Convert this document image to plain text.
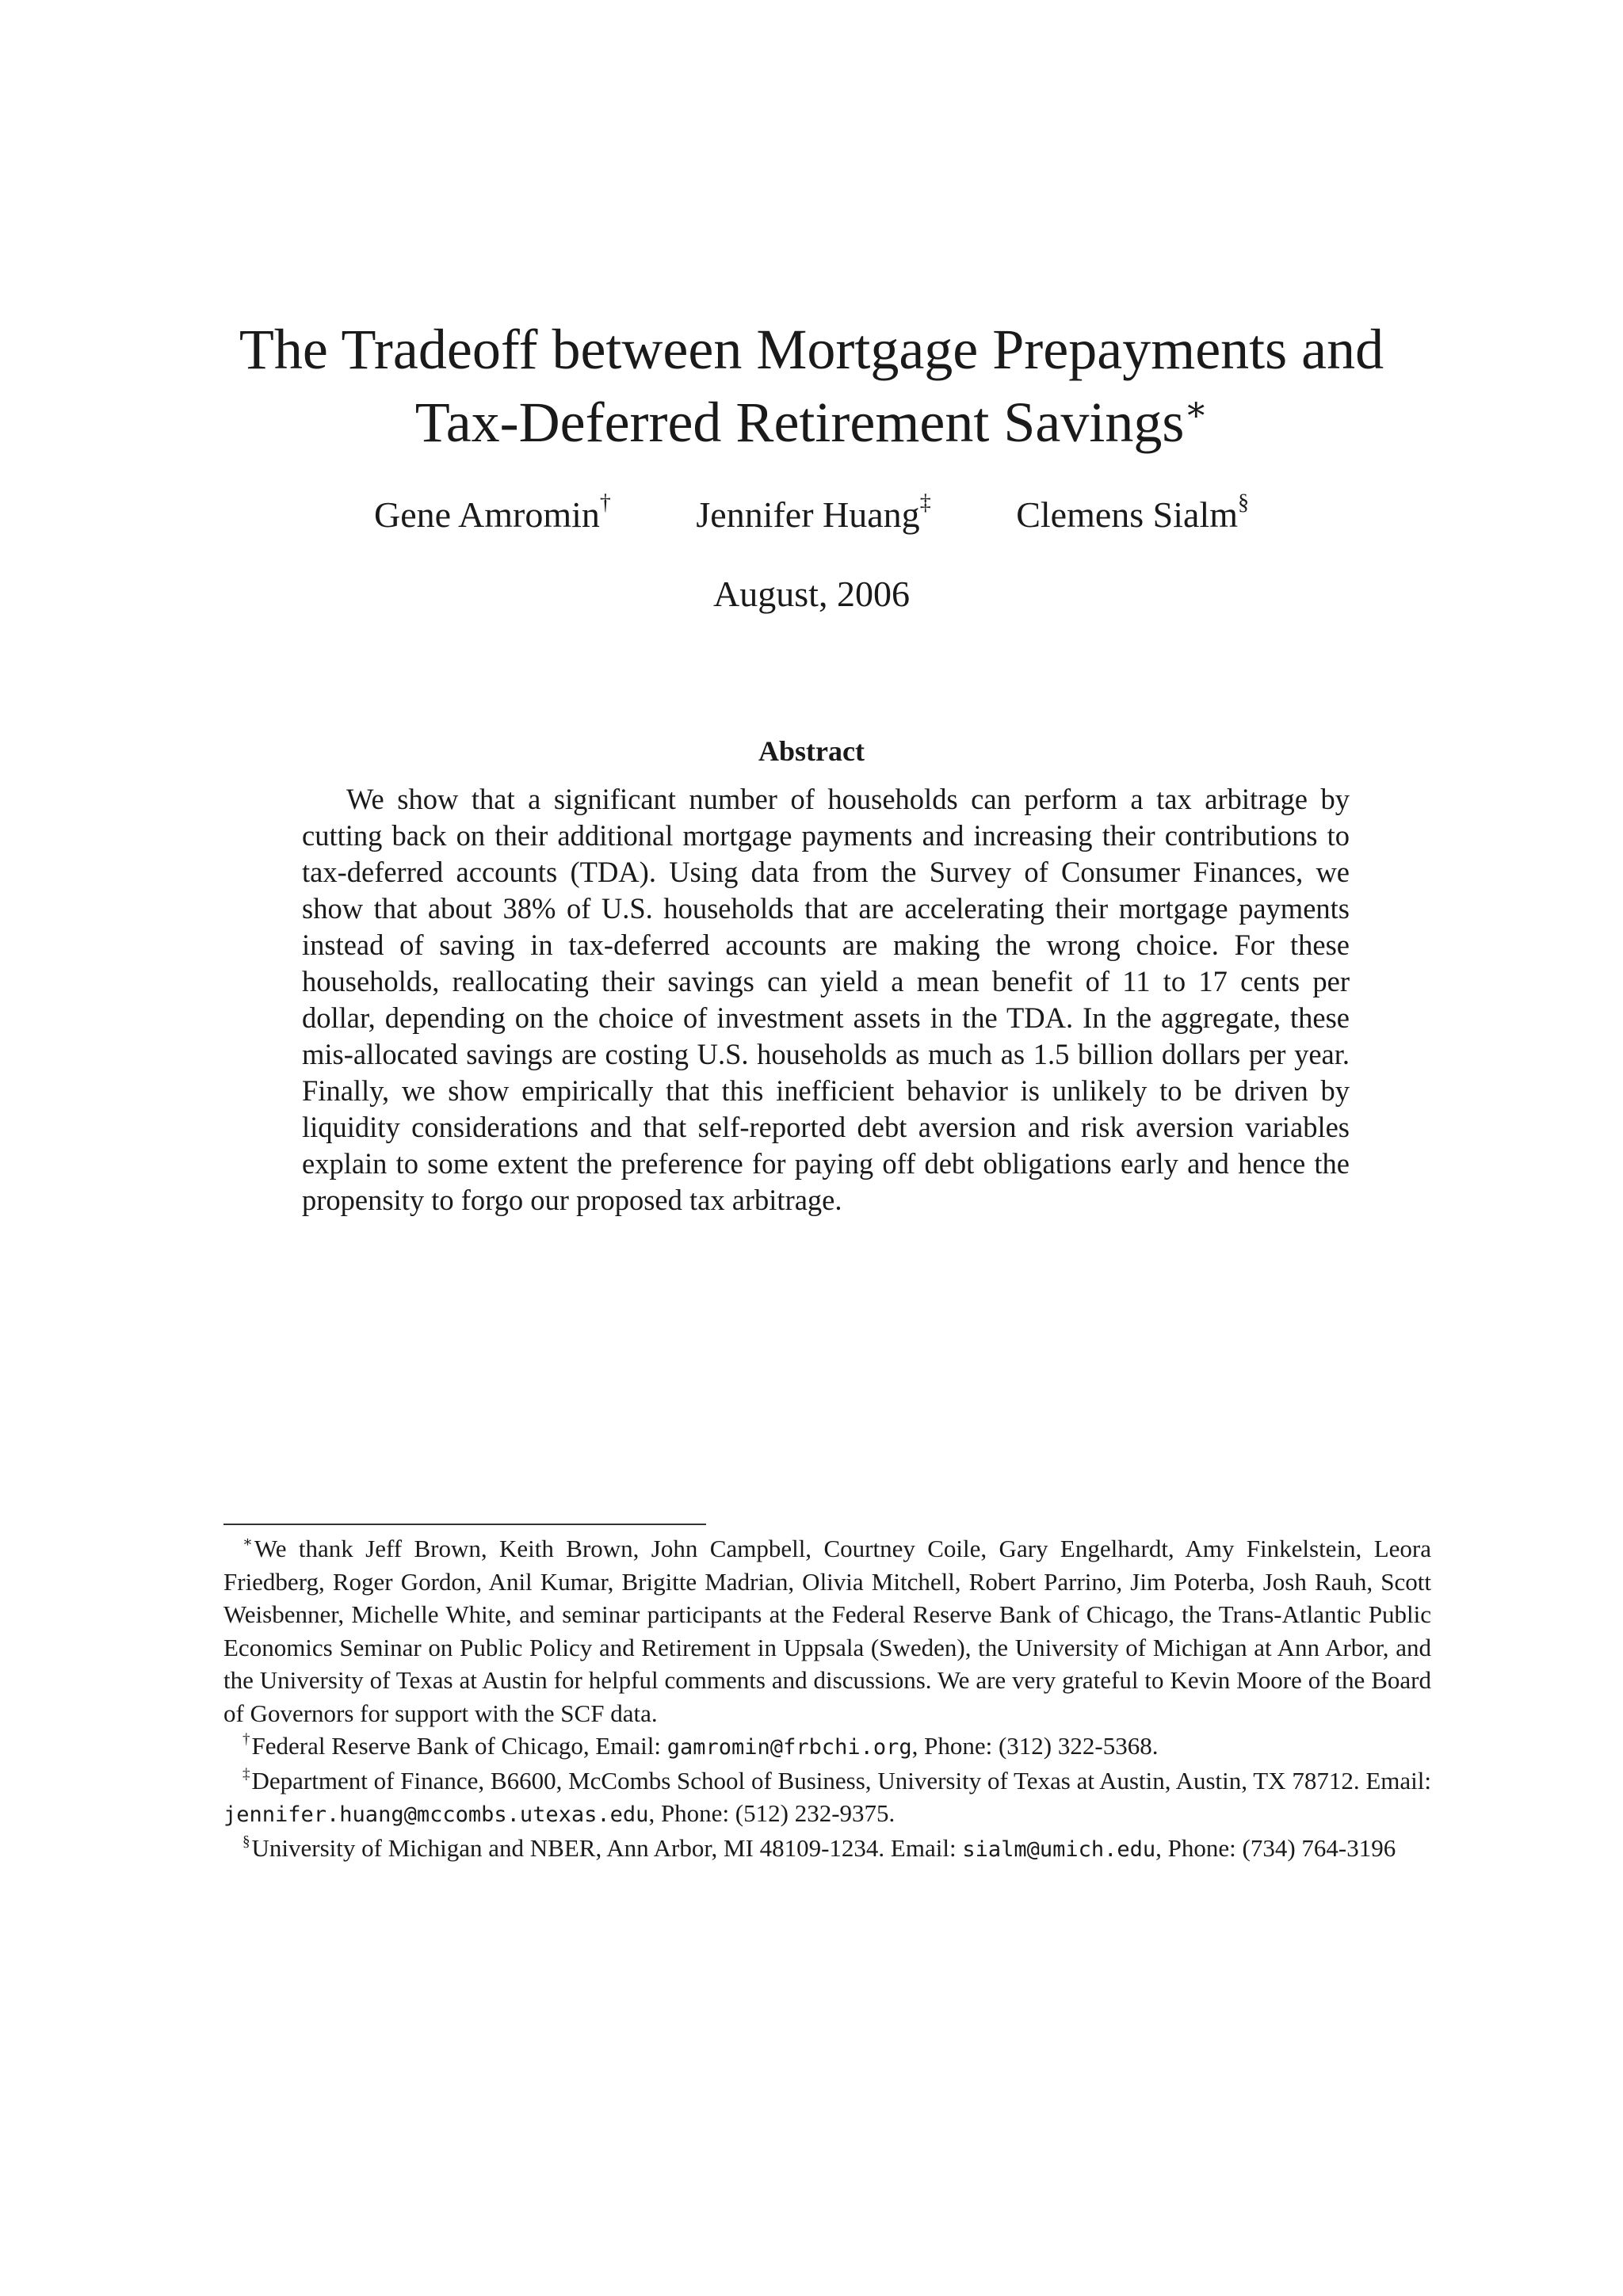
The Tradeoff between Mortgage Prepayments and
Tax-Deferred Retirement Savings∗
Gene Amromin† Jennifer Huang‡ Clemens Sialm§
August, 2006
Abstract

We show that a significant number of households can perform a tax arbitrage by cutting back on their additional mortgage payments and increasing their contributions to tax-deferred accounts (TDA). Using data from the Survey of Consumer Finances, we show that about 38% of U.S. households that are accelerating their mortgage payments instead of saving in tax-deferred accounts are making the wrong choice. For these households, reallocating their savings can yield a mean benefit of 11 to 17 cents per dollar, depending on the choice of investment assets in the TDA. In the aggregate, these mis-allocated savings are costing U.S. households as much as 1.5 billion dollars per year. Finally, we show empirically that this inefficient behavior is unlikely to be driven by liquidity considerations and that self-reported debt aversion and risk aversion variables explain to some extent the preference for paying off debt obligations early and hence the propensity to forgo our proposed tax arbitrage.

∗We thank Jeff Brown, Keith Brown, John Campbell, Courtney Coile, Gary Engelhardt, Amy Finkelstein, Leora Friedberg, Roger Gordon, Anil Kumar, Brigitte Madrian, Olivia Mitchell, Robert Parrino, Jim Poterba, Josh Rauh, Scott Weisbenner, Michelle White, and seminar participants at the Federal Reserve Bank of Chicago, the Trans-Atlantic Public Economics Seminar on Public Policy and Retirement in Uppsala (Sweden), the University of Michigan at Ann Arbor, and the University of Texas at Austin for helpful comments and discussions. We are very grateful to Kevin Moore of the Board of Governors for support with the SCF data.

†Federal Reserve Bank of Chicago, Email: gamromin@frbchi.org, Phone: (312) 322-5368.

‡Department of Finance, B6600, McCombs School of Business, University of Texas at Austin, Austin, TX 78712. Email: jennifer.huang@mccombs.utexas.edu, Phone: (512) 232-9375.

§University of Michigan and NBER, Ann Arbor, MI 48109-1234. Email: sialm@umich.edu, Phone: (734) 764-3196
